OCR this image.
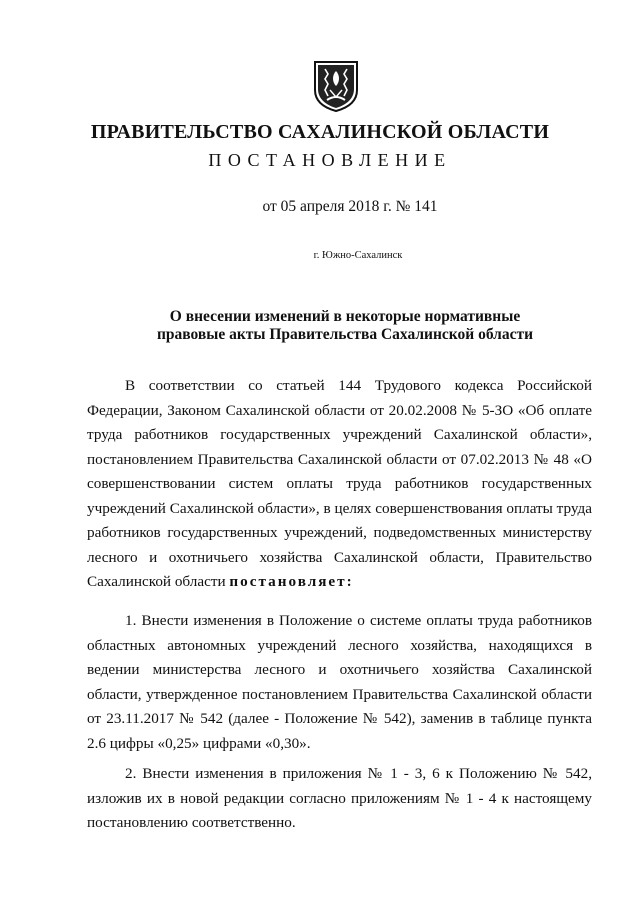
ПРАВИТЕЛЬСТВО САХАЛИНСКОЙ ОБЛАСТИ
ПОСТАНОВЛЕНИЕ
от 05 апреля 2018 г. № 141
г. Южно-Сахалинск
О внесении изменений в некоторые нормативные
правовые акты Правительства Сахалинской области

В соответствии со статьей 144 Трудового кодекса Российской Федерации, Законом Сахалинской области от 20.02.2008 № 5-ЗО «Об оплате труда работников государственных учреждений Сахалинской области», постановлением Правительства Сахалинской области от 07.02.2013 № 48 «О совершенствовании систем оплаты труда работников государственных учреждений Сахалинской области», в целях совершенствования оплаты труда работников государственных учреждений, подведомственных министерству лесного и охотничьего хозяйства Сахалинской области, Правительство Сахалинской области постановляет:

1. Внести изменения в Положение о системе оплаты труда работников областных автономных учреждений лесного хозяйства, находящихся в ведении министерства лесного и охотничьего хозяйства Сахалинской области, утвержденное постановлением Правительства Сахалинской области от 23.11.2017 № 542 (далее - Положение № 542), заменив в таблице пункта 2.6 цифры «0,25» цифрами «0,30».

2. Внести изменения в приложения № 1 - 3, 6 к Положению № 542, изложив их в новой редакции согласно приложениям № 1 - 4 к настоящему постановлению соответственно.
